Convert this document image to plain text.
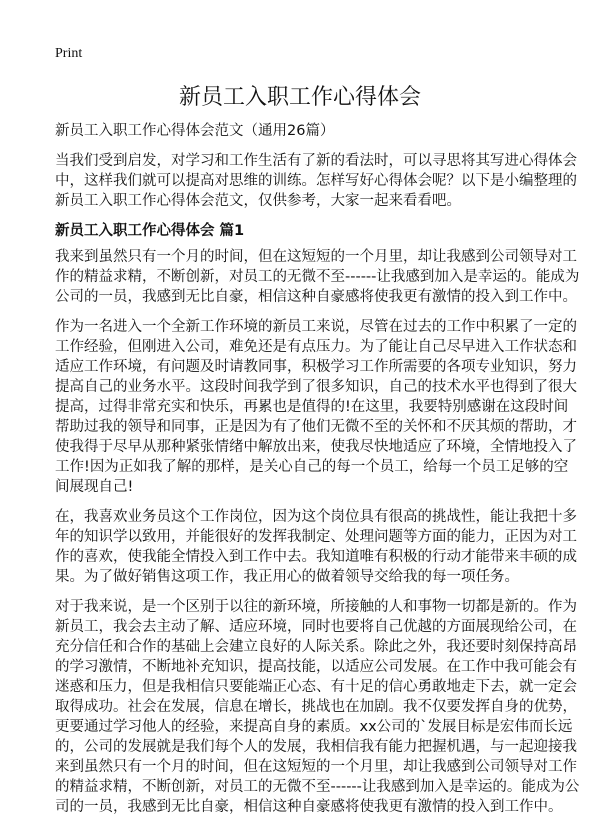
Print
新员工入职工作心得体会

新员工入职工作心得体会范文（通用26篇）

当我们受到启发，对学习和工作生活有了新的看法时，可以寻思将其写进心得体会
中，这样我们就可以提高对思维的训练。怎样写好心得体会呢？以下是小编整理的
新员工入职工作心得体会范文，仅供参考，大家一起来看看吧。

新员工入职工作心得体会 篇1

我来到虽然只有一个月的时间，但在这短短的一个月里，却让我感到公司领导对工
作的精益求精，不断创新，对员工的无微不至------让我感到加入是幸运的。能成为
公司的一员，我感到无比自豪，相信这种自豪感将使我更有激情的投入到工作中。

作为一名进入一个全新工作环境的新员工来说，尽管在过去的工作中积累了一定的
工作经验，但刚进入公司，难免还是有点压力。为了能让自己尽早进入工作状态和
适应工作环境，有问题及时请教同事，积极学习工作所需要的各项专业知识，努力
提高自己的业务水平。这段时间我学到了很多知识，自己的技术水平也得到了很大
提高，过得非常充实和快乐，再累也是值得的!在这里，我要特别感谢在这段时间
帮助过我的领导和同事，正是因为有了他们无微不至的关怀和不厌其烦的帮助，才
使我得于尽早从那种紧张情绪中解放出来，使我尽快地适应了环境，全情地投入了
工作!因为正如我了解的那样，是关心自己的每一个员工，给每一个员工足够的空
间展现自己!

在，我喜欢业务员这个工作岗位，因为这个岗位具有很高的挑战性，能让我把十多
年的知识学以致用，并能很好的发挥我制定、处理问题等方面的能力，正因为对工
作的喜欢，使我能全情投入到工作中去。我知道唯有积极的行动才能带来丰硕的成
果。为了做好销售这项工作，我正用心的做着领导交给我的每一项任务。

对于我来说，是一个区别于以往的新环境，所接触的人和事物一切都是新的。作为
新员工，我会去主动了解、适应环境，同时也要将自己优越的方面展现给公司，在
充分信任和合作的基础上会建立良好的人际关系。除此之外，我还要时刻保持高昂
的学习激情，不断地补充知识，提高技能，以适应公司发展。在工作中我可能会有
迷惑和压力，但是我相信只要能端正心态、有十足的信心勇敢地走下去，就一定会
取得成功。社会在发展，信息在增长，挑战也在加剧。我不仅要发挥自身的优势，
更要通过学习他人的经验，来提高自身的素质。xx公司的`发展目标是宏伟而长远
的，公司的发展就是我们每个人的发展，我相信我有能力把握机遇，与一起迎接我
来到虽然只有一个月的时间，但在这短短的一个月里，却让我感到公司领导对工作
的精益求精，不断创新，对员工的无微不至------让我感到加入是幸运的。能成为公
司的一员，我感到无比自豪，相信这种自豪感将使我更有激情的投入到工作中。
